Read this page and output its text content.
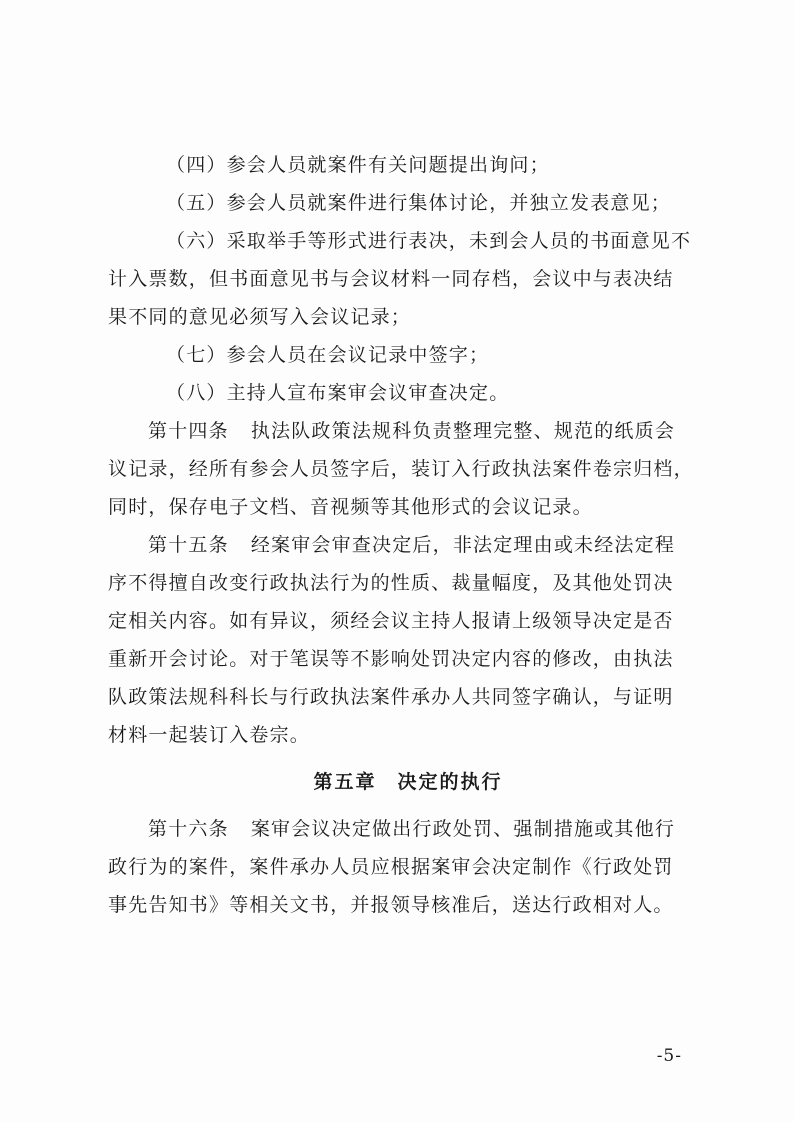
（四）参会人员就案件有关问题提出询问；
（五）参会人员就案件进行集体讨论，并独立发表意见；
（六）采取举手等形式进行表决，未到会人员的书面意见不
计入票数，但书面意见书与会议材料一同存档，会议中与表决结
果不同的意见必须写入会议记录；
（七）参会人员在会议记录中签字；
（八）主持人宣布案审会议审查决定。
第十四条 执法队政策法规科负责整理完整、规范的纸质会
议记录，经所有参会人员签字后，装订入行政执法案件卷宗归档，
同时，保存电子文档、音视频等其他形式的会议记录。
第十五条 经案审会审查决定后，非法定理由或未经法定程
序不得擅自改变行政执法行为的性质、裁量幅度，及其他处罚决
定相关内容。如有异议，须经会议主持人报请上级领导决定是否
重新开会讨论。对于笔误等不影响处罚决定内容的修改，由执法
队政策法规科科长与行政执法案件承办人共同签字确认，与证明
材料一起装订入卷宗。
第五章　决定的执行
第十六条 案审会议决定做出行政处罚、强制措施或其他行
政行为的案件，案件承办人员应根据案审会决定制作《行政处罚
事先告知书》等相关文书，并报领导核准后，送达行政相对人。
-5-
